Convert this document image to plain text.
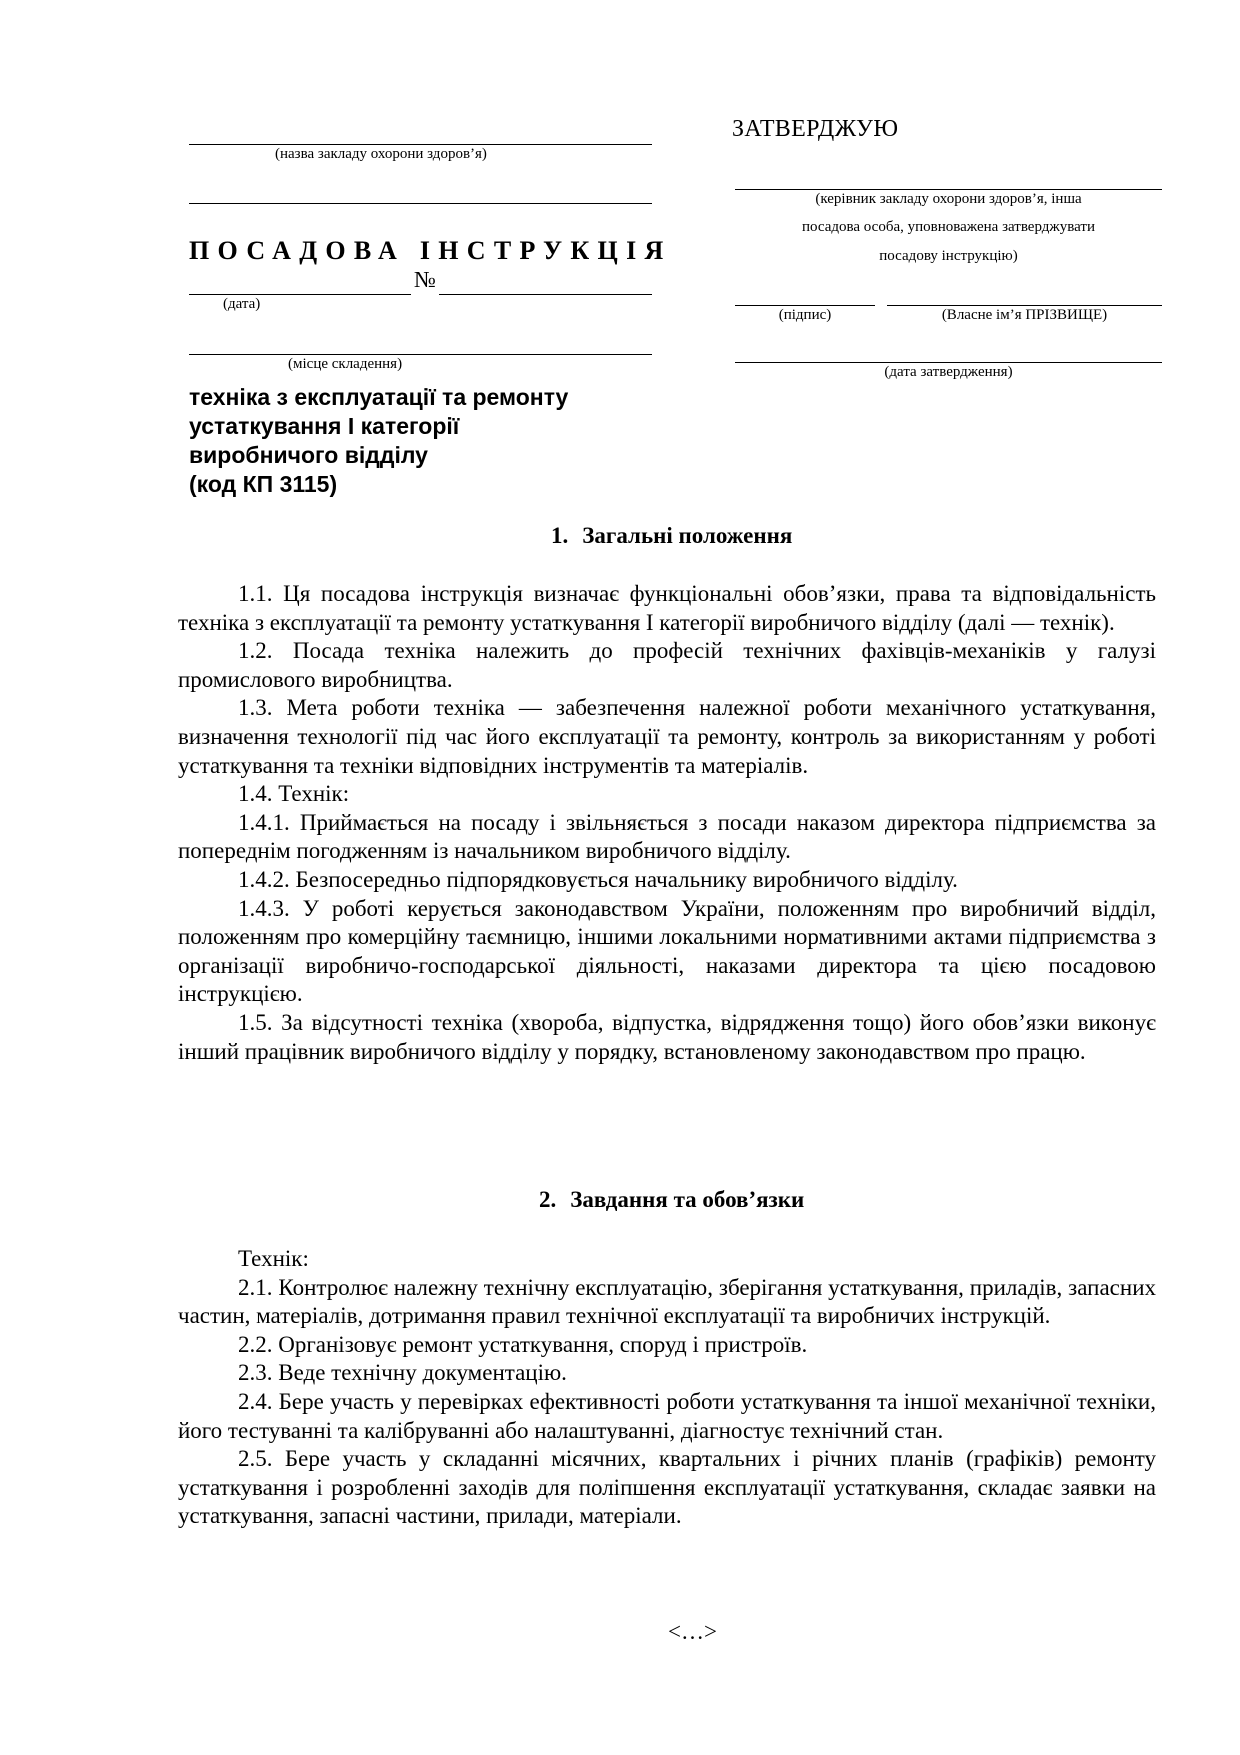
(назва закладу охорони здоров’я)
ПОСАДОВА ІНСТРУКЦІЯ
№
(дата)
(місце складення)
ЗАТВЕРДЖУЮ
(керівник закладу охорони здоров’я, інша
посадова особа, уповноважена затверджувати
посадову інструкцію)
(підпис)	(Власне ім’я ПРІЗВИЩЕ)
(дата затвердження)
техніка з експлуатації та ремонту
устаткування І категорії
виробничого відділу
(код КП 3115)
1. Загальні положення

1.1. Ця посадова інструкція визначає функціональні обов’язки, права та відповідальність техніка з експлуатації та ремонту устаткування І категорії виробничого відділу (далі — технік).

1.2. Посада техніка належить до професій технічних фахівців-механіків у галузі промислового виробництва.

1.3. Мета роботи техніка — забезпечення належної роботи механічного устаткування, визначення технології під час його експлуатації та ремонту, контроль за використанням у роботі устаткування та техніки відповідних інструментів та матеріалів.

1.4. Технік:

1.4.1. Приймається на посаду і звільняється з посади наказом директора підприємства за попереднім погодженням із начальником виробничого відділу.

1.4.2. Безпосередньо підпорядковується начальнику виробничого відділу.

1.4.3. У роботі керується законодавством України, положенням про виробничий відділ, положенням про комерційну таємницю, іншими локальними нормативними актами підприємства з організації виробничо-господарської діяльності, наказами директора та цією посадовою інструкцією.

1.5. За відсутності техніка (хвороба, відпустка, відрядження тощо) його обов’язки виконує інший працівник виробничого відділу у порядку, встановленому законодавством про працю.

2. Завдання та обов’язки

Технік:

2.1. Контролює належну технічну експлуатацію, зберігання устаткування, приладів, запасних частин, матеріалів, дотримання правил технічної експлуатації та виробничих інструкцій.

2.2. Організовує ремонт устаткування, споруд і пристроїв.

2.3. Веде технічну документацію.

2.4. Бере участь у перевірках ефективності роботи устаткування та іншої механічної техніки, його тестуванні та калібруванні або налаштуванні, діагностує технічний стан.

2.5. Бере участь у складанні місячних, квартальних і річних планів (графіків) ремонту устаткування і розробленні заходів для поліпшення експлуатації устаткування, складає заявки на устаткування, запасні частини, прилади, матеріали.

<…>
